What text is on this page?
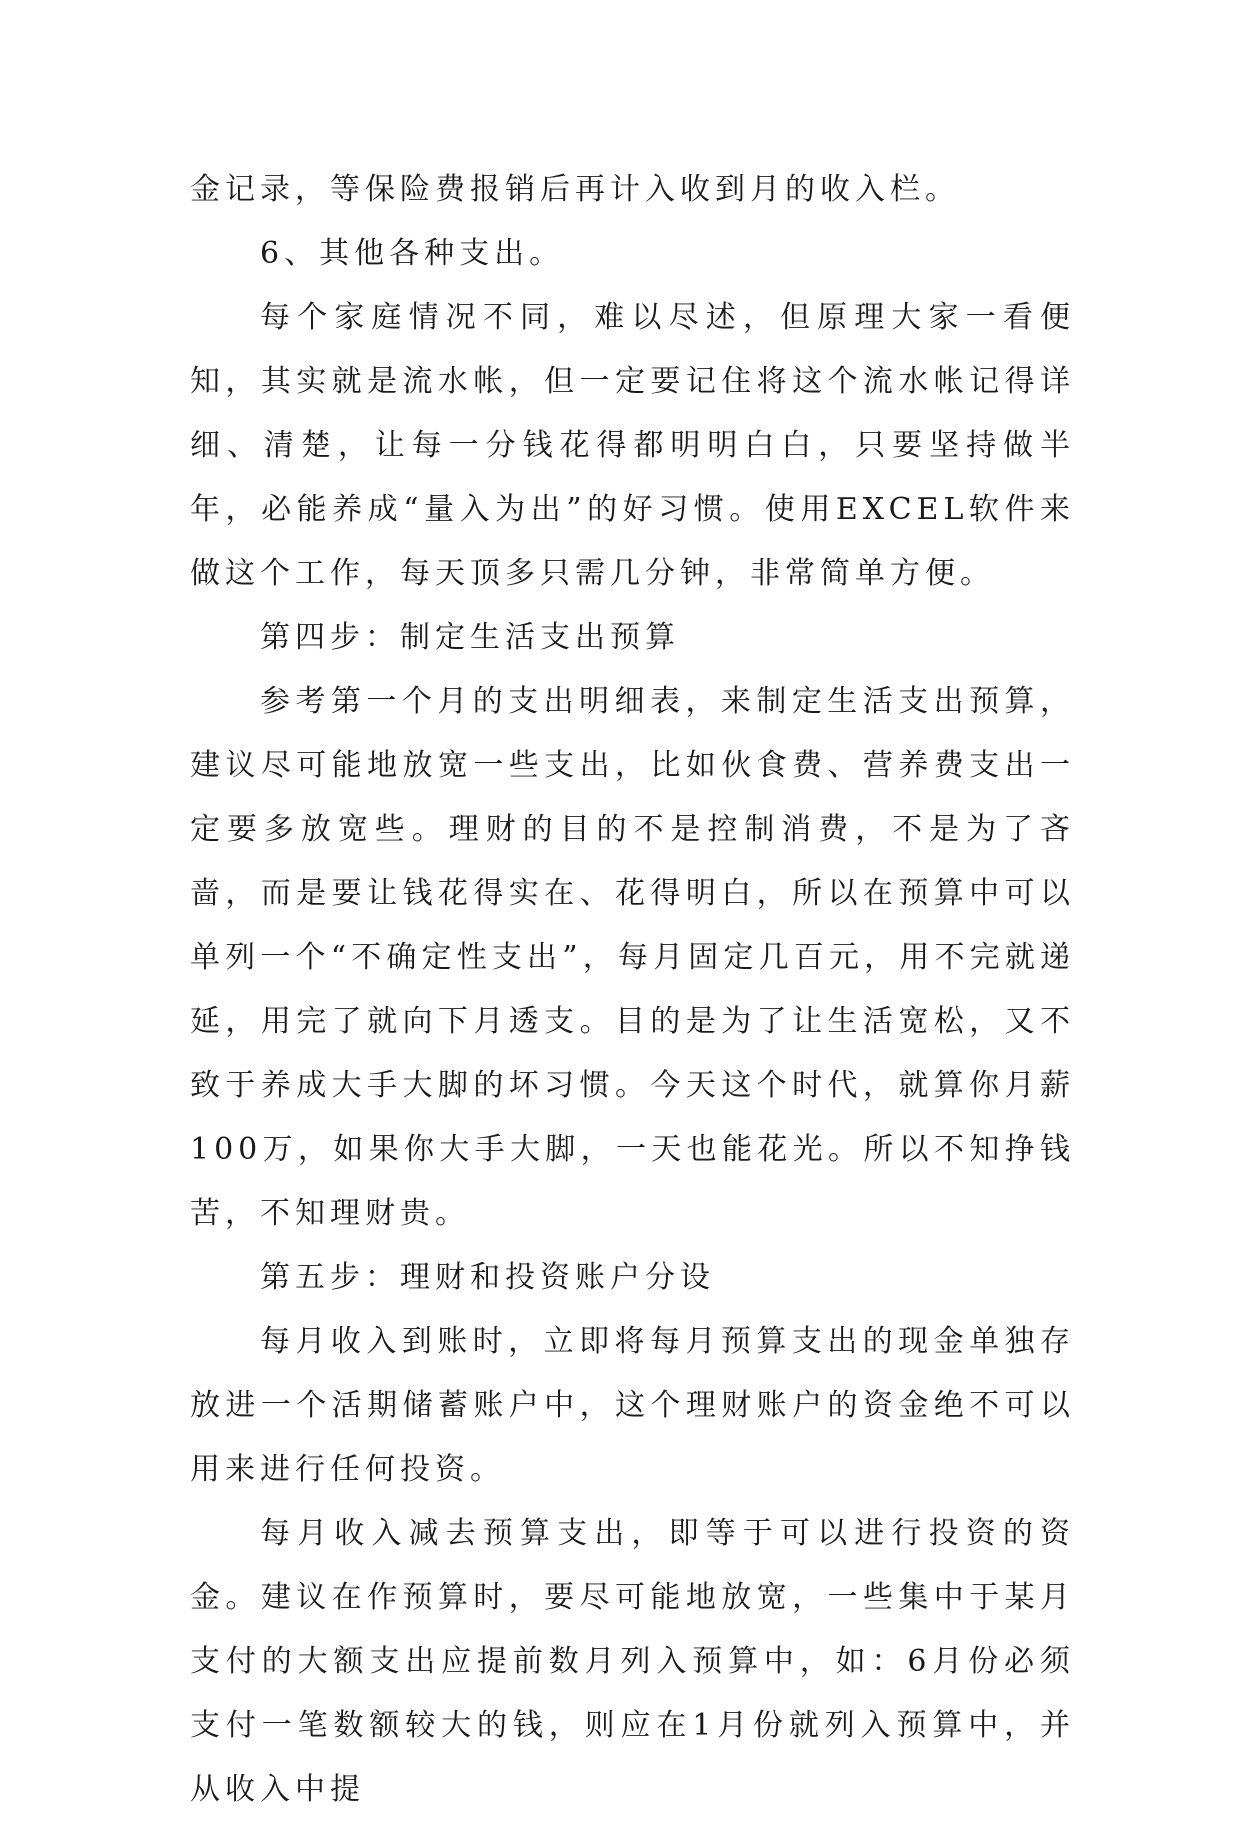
金记录，等保险费报销后再计入收到月的收入栏。

6、其他各种支出。

每个家庭情况不同，难以尽述，但原理大家一看便知，其实就是流水帐，但一定要记住将这个流水帐记得详细、清楚，让每一分钱花得都明明白白，只要坚持做半年，必能养成“量入为出”的好习惯。使用EXCEL软件来做这个工作，每天顶多只需几分钟，非常简单方便。

第四步：制定生活支出预算

参考第一个月的支出明细表，来制定生活支出预算，建议尽可能地放宽一些支出，比如伙食费、营养费支出一定要多放宽些。理财的目的不是控制消费，不是为了吝啬，而是要让钱花得实在、花得明白，所以在预算中可以单列一个“不确定性支出”，每月固定几百元，用不完就递延，用完了就向下月透支。目的是为了让生活宽松，又不致于养成大手大脚的坏习惯。今天这个时代，就算你月薪100万，如果你大手大脚，一天也能花光。所以不知挣钱苦，不知理财贵。

第五步：理财和投资账户分设

每月收入到账时，立即将每月预算支出的现金单独存放进一个活期储蓄账户中，这个理财账户的资金绝不可以用来进行任何投资。

每月收入减去预算支出，即等于可以进行投资的资金。建议在作预算时，要尽可能地放宽，一些集中于某月支付的大额支出应提前数月列入预算中，如：6月份必须支付一笔数额较大的钱，则应在1月份就列入预算中，并从收入中提
